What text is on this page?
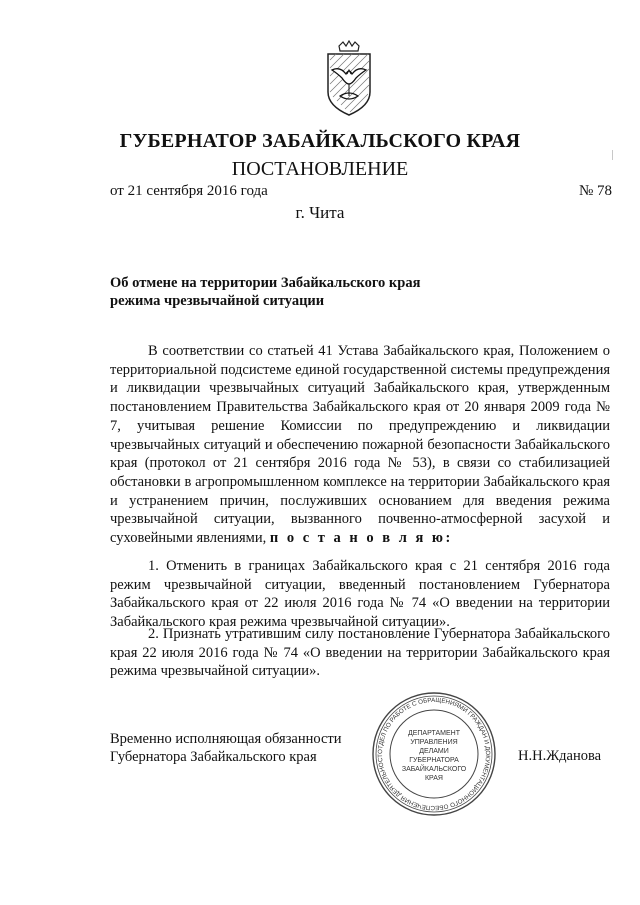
ГУБЕРНАТОР ЗАБАЙКАЛЬСКОГО КРАЯ
ПОСТАНОВЛЕНИЕ
от 21 сентября 2016 года	№ 78
г. Чита
Об отмене на территории Забайкальского края
режима чрезвычайной ситуации
В соответствии со статьей 41 Устава Забайкальского края, Положением о территориальной подсистеме единой государственной системы предупреждения и ликвидации чрезвычайных ситуаций Забайкальского края, утвержденным постановлением Правительства Забайкальского края от 20 января 2009 года № 7, учитывая решение Комиссии по предупреждению и ликвидации чрезвычайных ситуаций и обеспечению пожарной безопасности Забайкальского края (протокол от 21 сентября 2016 года № 53), в связи со стабилизацией обстановки в агропромышленном комплексе на территории Забайкальского края и устранением причин, послуживших основанием для введения режима чрезвычайной ситуации, вызванного почвенно-атмосферной засухой и суховейными явлениями, п о с т а н о в л я ю:
1. Отменить в границах Забайкальского края с 21 сентября 2016 года режим чрезвычайной ситуации, введенный постановлением Губернатора Забайкальского края от 22 июля 2016 года № 74 «О введении на территории Забайкальского края режима чрезвычайной ситуации».
2. Признать утратившим силу постановление Губернатора Забайкальского края 22 июля 2016 года № 74 «О введении на территории Забайкальского края режима чрезвычайной ситуации».
Временно исполняющая обязанности
Губернатора Забайкальского края	ОТДЕЛ ПО РАБОТЕ С ОБРАЩЕНИЯМИ ГРАЖДАН И ДОКУМЕНТАЦИОННОГО ОБЕСПЕЧЕНИЯ ДЕЯТЕЛЬНОСТ
ДЕПАРТАМЕНТ
УПРАВЛЕНИЯ
ДЕЛАМИ
ГУБЕРНАТОРА
ЗАБАЙКАЛЬСКОГО
КРАЯ
Н.Н.Жданова
